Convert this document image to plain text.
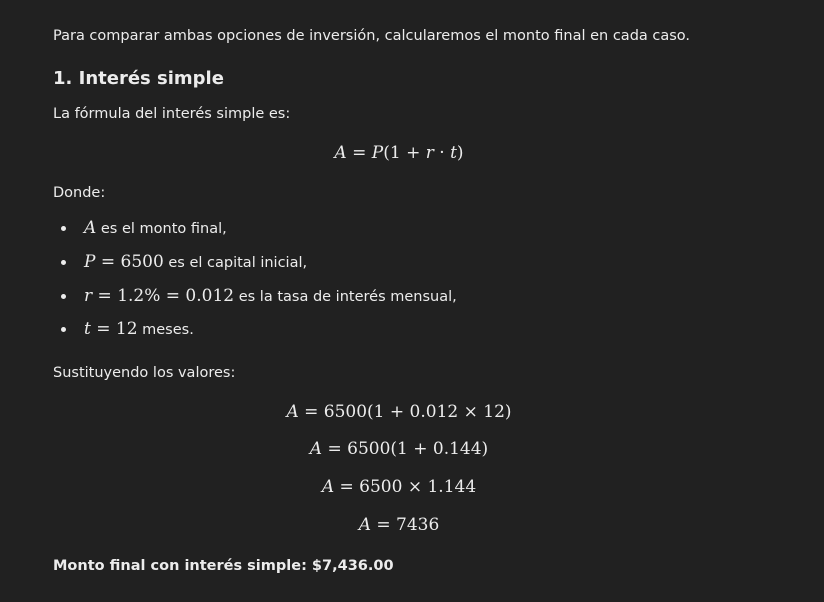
Para comparar ambas opciones de inversión, calcularemos el monto final en cada caso.
1. Interés simple
La fórmula del interés simple es:
A = P(1 + r · t)
Donde:
A es el monto final,
P = 6500 es el capital inicial,
r = 1.2% = 0.012 es la tasa de interés mensual,
t = 12 meses.
Sustituyendo los valores:
A = 6500(1 + 0.012 × 12)
A = 6500(1 + 0.144)
A = 6500 × 1.144
A = 7436
Monto final con interés simple: $7,436.00
